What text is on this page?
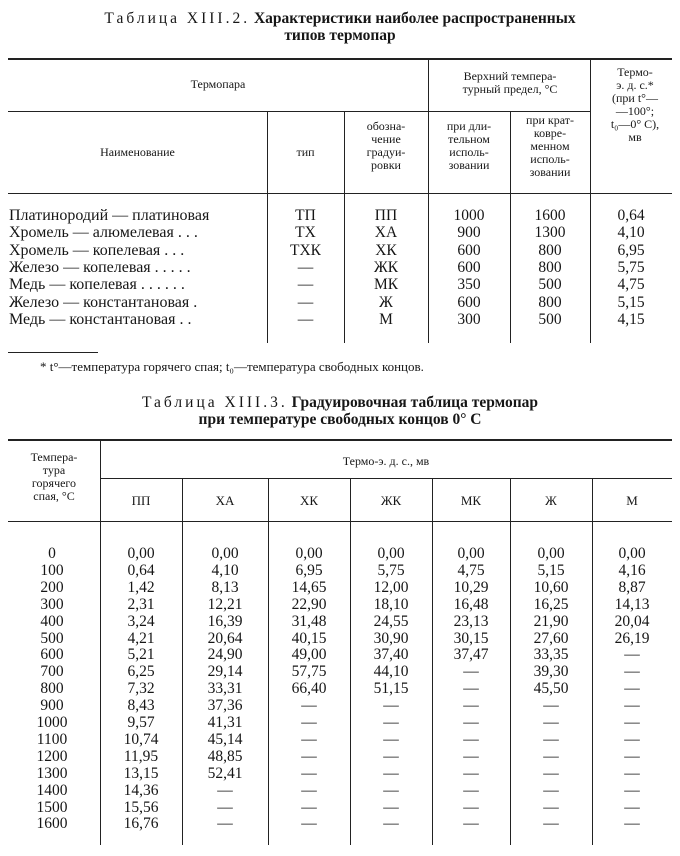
Таблица XIII.2. Характеристики наиболее распространенных
типов термопар
Термопара
Верхний темпера-
турный предел, °С
Термо-
э. д. с.*
(при t°—
—100°;
t₀—0° С),
мв
Наименование	тип
обозна-
чение
градуи-
ровки
при дли-
тельном
исполь-
зовании
при крат-
ковре-
менном
исполь-
зовании
Платинородий — платиновая	ТП	ПП	1000	1600	0,64
Хромель — алюмелевая . . .	ТХ	ХА	900	1300	4,10
Хромель — копелевая . . .	ТХК	ХК	600	800	6,95
Железо — копелевая . . . . .	—	ЖК	600	800	5,75
Медь — копелевая . . . . . .	—	МК	350	500	4,75
Железо — константановая .	—	Ж	600	800	5,15
Медь — константановая . .	—	М	300	500	4,15
* t°—температура горячего спая; t₀—температура свободных концов.
Таблица XIII.3. Градуировочная таблица термопар
при температуре свободных концов 0° С
Темпера-
тура
горячего
спая, °С
Термо-э. д. с., мв
ПП	ХА	ХК	ЖК	МК	Ж	М
0	0,00	0,00	0,00	0,00	0,00	0,00	0,00
100	0,64	4,10	6,95	5,75	4,75	5,15	4,16
200	1,42	8,13	14,65	12,00	10,29	10,60	8,87
300	2,31	12,21	22,90	18,10	16,48	16,25	14,13
400	3,24	16,39	31,48	24,55	23,13	21,90	20,04
500	4,21	20,64	40,15	30,90	30,15	27,60	26,19
600	5,21	24,90	49,00	37,40	37,47	33,35	—
700	6,25	29,14	57,75	44,10	—	39,30	—
800	7,32	33,31	66,40	51,15	—	45,50	—
900	8,43	37,36	—	—	—	—	—
1000	9,57	41,31	—	—	—	—	—
1100	10,74	45,14	—	—	—	—	—
1200	11,95	48,85	—	—	—	—	—
1300	13,15	52,41	—	—	—	—	—
1400	14,36	—	—	—	—	—	—
1500	15,56	—	—	—	—	—	—
1600	16,76	—	—	—	—	—	—
